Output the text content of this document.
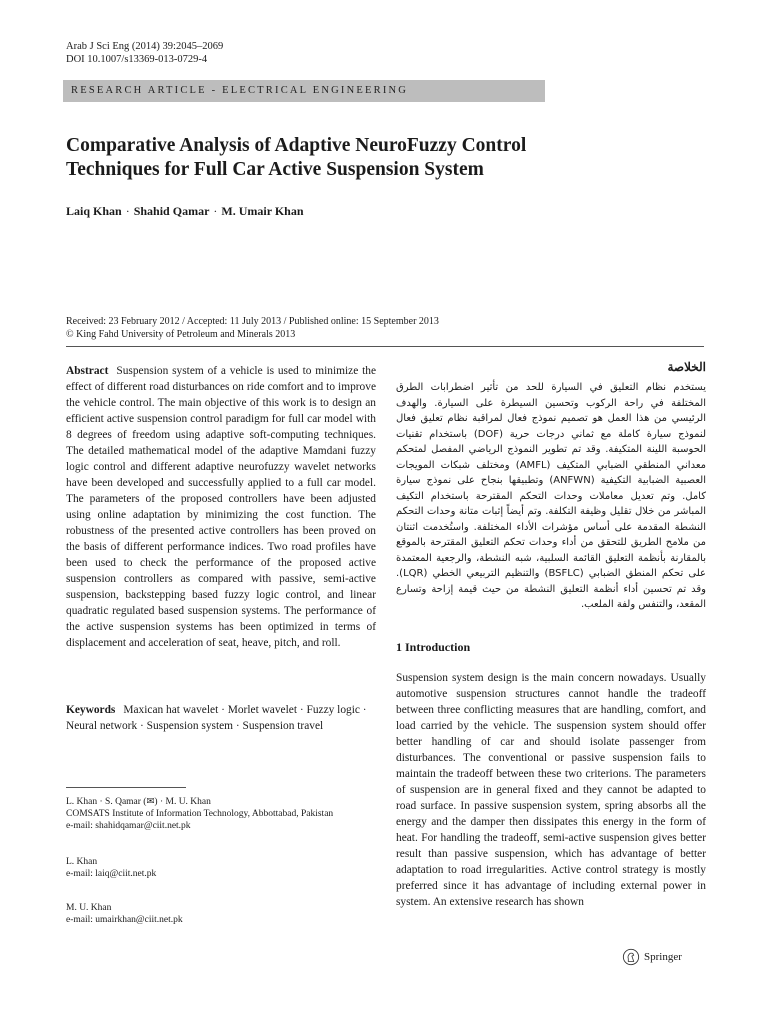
Arab J Sci Eng (2014) 39:2045–2069
DOI 10.1007/s13369-013-0729-4
RESEARCH ARTICLE - ELECTRICAL ENGINEERING
Comparative Analysis of Adaptive NeuroFuzzy Control
Techniques for Full Car Active Suspension System
Laiq Khan · Shahid Qamar · M. Umair Khan
Received: 23 February 2012 / Accepted: 11 July 2013 / Published online: 15 September 2013
© King Fahd University of Petroleum and Minerals 2013
Abstract Suspension system of a vehicle is used to minimize the effect of different road disturbances on ride comfort and to improve the vehicle control. The main objective of this work is to design an efficient active suspension control paradigm for full car model with 8 degrees of freedom using adaptive soft-computing techniques. The detailed mathematical model of the adaptive Mamdani fuzzy logic control and different adaptive neurofuzzy wavelet networks have been developed and successfully applied to a full car model. The parameters of the proposed controllers have been adjusted using online adaptation by minimizing the cost function. The robustness of the presented active controllers has been proved on the basis of different performance indices. Two road profiles have been used to check the performance of the proposed active suspension controllers as compared with passive, semi-active suspension, backstepping based fuzzy logic control, and linear quadratic regulated based suspension systems. The performance of the active suspension systems has been optimized in terms of displacement and acceleration of seat, heave, pitch, and roll.
Keywords Maxican hat wavelet · Morlet wavelet · Fuzzy logic · Neural network · Suspension system · Suspension travel
L. Khan · S. Qamar (✉) · M. U. Khan
COMSATS Institute of Information Technology, Abbottabad, Pakistan
e-mail: shahidqamar@ciit.net.pk
L. Khan
e-mail: laiq@ciit.net.pk
M. U. Khan
e-mail: umairkhan@ciit.net.pk
الخلاصة
يستخدم نظام التعليق في السيارة للحد من تأثير اضطرابات الطرق المختلفة في راحة الركوب وتحسين السيطرة على السيارة. والهدف الرئيسي من هذا العمل هو تصميم نموذج فعال لمراقبة نظام تعليق فعال لنموذج سيارة كاملة مع ثماني درجات حرية (DOF) باستخدام تقنيات الحوسبة اللينة المتكيفة. وقد تم تطوير النموذج الرياضي المفصل لمتحكم معداني المنطقي الضبابي المتكيف (AMFL) ومختلف شبكات المويجات العصبية الضبابية التكيفية (ANFWN) وتطبيقها بنجاح على نموذج سيارة كامل. وتم تعديل معاملات وحدات التحكم المقترحة باستخدام التكيف المباشر من خلال تقليل وظيفة التكلفة. وتم أيضاً إثبات متانة وحدات التحكم النشطة المقدمة على أساس مؤشرات الأداء المختلفة. واستُخدمت اثنتان من ملامح الطريق للتحقق من أداء وحدات تحكم التعليق المقترحة بالموقع بالمقارنة بأنظمة التعليق القائمة السلبية، شبه النشطة، والرجعية المعتمدة على تحكم المنطق الضبابي (BSFLC) والتنظيم التربيعي الخطي (LQR). وقد تم تحسين أداء أنظمة التعليق النشطة من حيث قيمة إزاحة وتسارع المقعد، والتنفس ولفة الملعب.
1 Introduction
Suspension system design is the main concern nowadays. Usually automotive suspension structures cannot handle the tradeoff between three conflicting measures that are handling, comfort, and load carried by the vehicle. The suspension system should offer better handling of car and should isolate passenger from disturbances. The conventional or passive suspension fails to maintain the tradeoff between these two criterions. The parameters of suspension are in general fixed and they cannot be adapted to road surface. In passive suspension system, spring absorbs all the energy and the damper then dissipates this energy in the form of heat. For handling the tradeoff, semi-active suspension gives better result than passive suspension, which has advantage of better adaptation to road irregularities. Active control strategy is mostly preferred since it has advantage of including external power in system. An extensive research has shown
Springer
